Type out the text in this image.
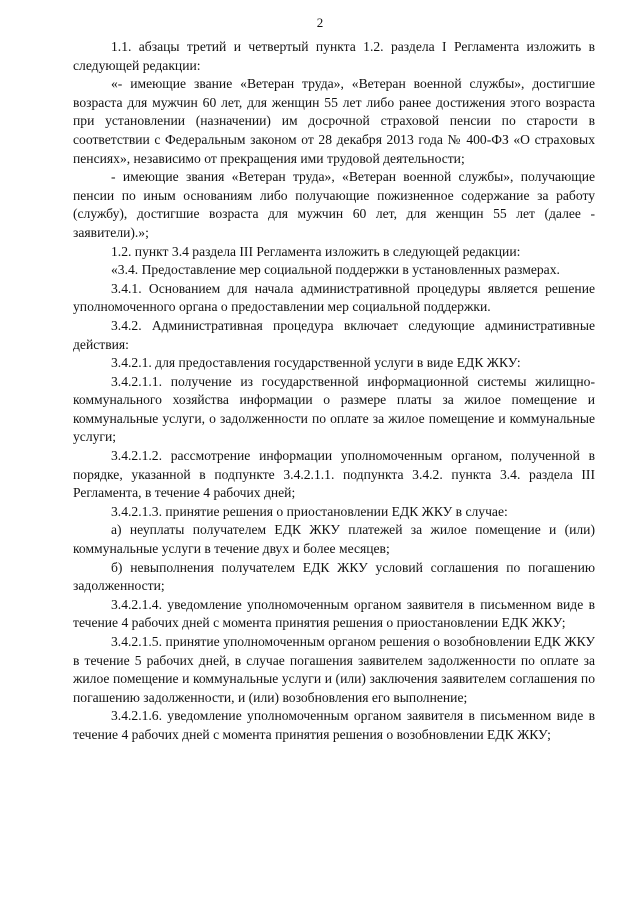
2

1.1. абзацы третий и четвертый пункта 1.2. раздела I Регламента изложить в следующей редакции:

«- имеющие звание «Ветеран труда», «Ветеран военной службы», достигшие возраста для мужчин 60 лет, для женщин 55 лет либо ранее достижения этого возраста при установлении (назначении) им досрочной страховой пенсии по старости в соответствии с Федеральным законом от 28 декабря 2013 года № 400-ФЗ «О страховых пенсиях», независимо от прекращения ими трудовой деятельности;

- имеющие звания «Ветеран труда», «Ветеран военной службы», получающие пенсии по иным основаниям либо получающие пожизненное содержание за работу (службу), достигшие возраста для мужчин 60 лет, для женщин 55 лет (далее - заявители).»;

1.2. пункт 3.4 раздела III Регламента изложить в следующей редакции:

«3.4. Предоставление мер социальной поддержки в установленных размерах.

3.4.1. Основанием для начала административной процедуры является решение уполномоченного органа о предоставлении мер социальной поддержки.

3.4.2. Административная процедура включает следующие административные действия:

3.4.2.1. для предоставления государственной услуги в виде ЕДК ЖКУ:

3.4.2.1.1. получение из государственной информационной системы жилищно-коммунального хозяйства информации о размере платы за жилое помещение и коммунальные услуги, о задолженности по оплате за жилое помещение и коммунальные услуги;

3.4.2.1.2. рассмотрение информации уполномоченным органом, полученной в порядке, указанной в подпункте 3.4.2.1.1. подпункта 3.4.2. пункта 3.4. раздела III Регламента, в течение 4 рабочих дней;

3.4.2.1.3. принятие решения о приостановлении ЕДК ЖКУ в случае:

а) неуплаты получателем ЕДК ЖКУ платежей за жилое помещение и (или) коммунальные услуги в течение двух и более месяцев;

б) невыполнения получателем ЕДК ЖКУ условий соглашения по погашению задолженности;

3.4.2.1.4. уведомление уполномоченным органом заявителя в письменном виде в течение 4 рабочих дней с момента принятия решения о приостановлении ЕДК ЖКУ;

3.4.2.1.5. принятие уполномоченным органом решения о возобновлении ЕДК ЖКУ в течение 5 рабочих дней, в случае погашения заявителем задолженности по оплате за жилое помещение и коммунальные услуги и (или) заключения заявителем соглашения по погашению задолженности, и (или) возобновления его выполнение;

3.4.2.1.6. уведомление уполномоченным органом заявителя в письменном виде в течение 4 рабочих дней с момента принятия решения о возобновлении ЕДК ЖКУ;
